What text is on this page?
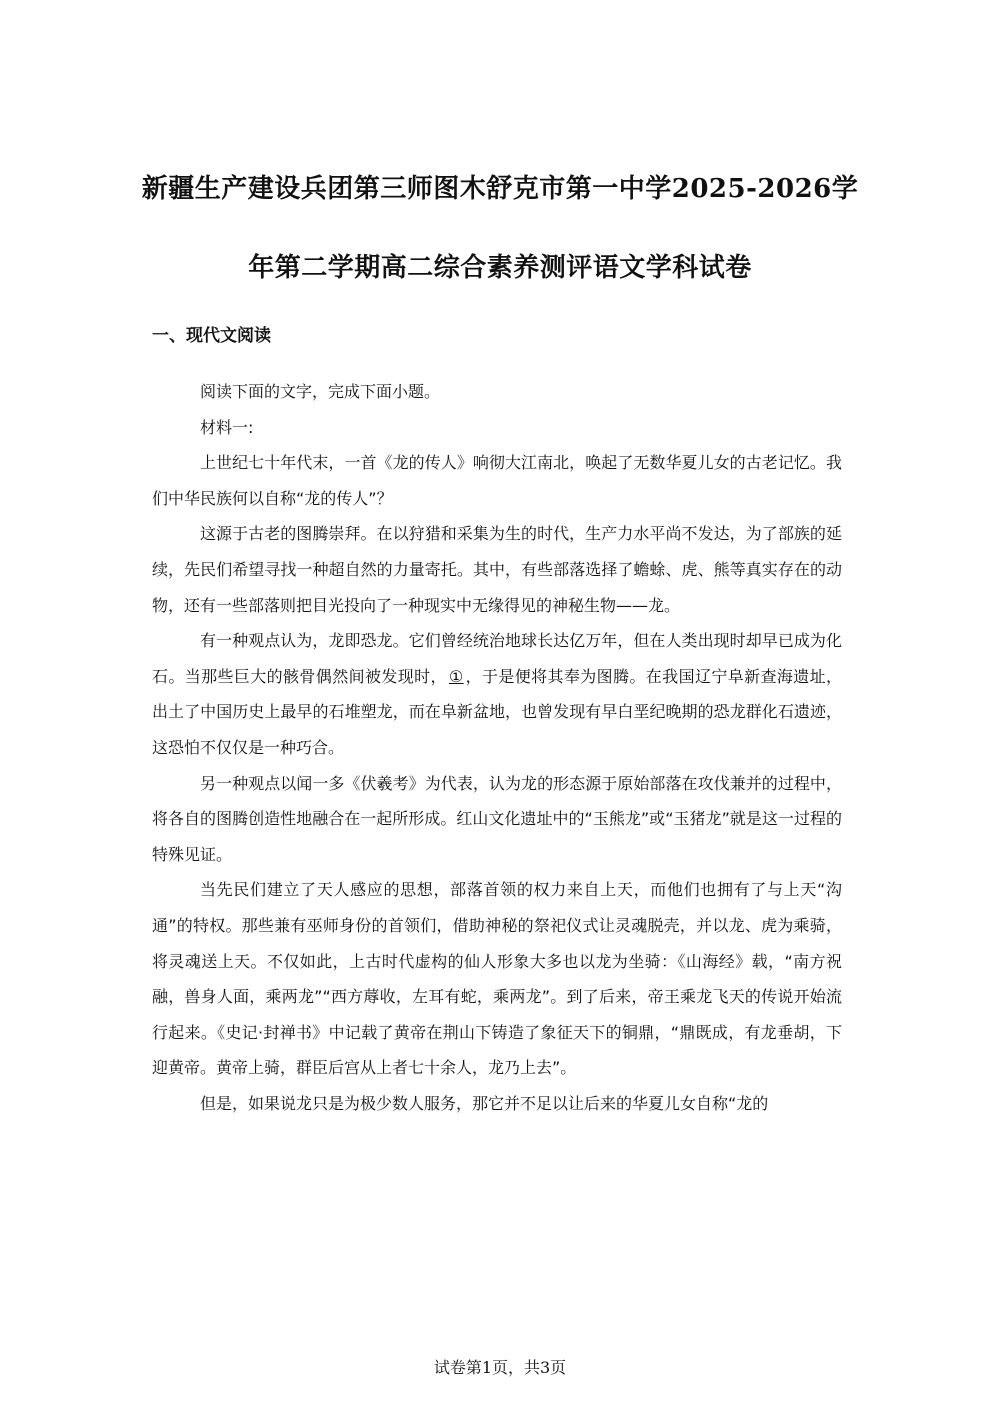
新疆生产建设兵团第三师图木舒克市第一中学2025-2026学
年第二学期高二综合素养测评语文学科试卷
一、现代文阅读

阅读下面的文字，完成下面小题。

材料一:

上世纪七十年代末，一首《龙的传人》响彻大江南北，唤起了无数华夏儿女的古老记忆。我们中华民族何以自称“龙的传人”？

这源于古老的图腾崇拜。在以狩猎和采集为生的时代，生产力水平尚不发达，为了部族的延续，先民们希望寻找一种超自然的力量寄托。其中，有些部落选择了蟾蜍、虎、熊等真实存在的动物，还有一些部落则把目光投向了一种现实中无缘得见的神秘生物——龙。

有一种观点认为，龙即恐龙。它们曾经统治地球长达亿万年，但在人类出现时却早已成为化石。当那些巨大的骸骨偶然间被发现时， ① ，于是便将其奉为图腾。在我国辽宁阜新查海遗址，出土了中国历史上最早的石堆塑龙，而在阜新盆地，也曾发现有早白垩纪晚期的恐龙群化石遗迹，这恐怕不仅仅是一种巧合。

另一种观点以闻一多《伏羲考》为代表，认为龙的形态源于原始部落在攻伐兼并的过程中，将各自的图腾创造性地融合在一起所形成。红山文化遗址中的“玉熊龙”或“玉猪龙”就是这一过程的特殊见证。

当先民们建立了天人感应的思想，部落首领的权力来自上天，而他们也拥有了与上天“沟通”的特权。那些兼有巫师身份的首领们，借助神秘的祭祀仪式让灵魂脱壳，并以龙、虎为乘骑，将灵魂送上天。不仅如此，上古时代虚构的仙人形象大多也以龙为坐骑：《山海经》载，“南方祝融，兽身人面，乘两龙”“西方蓐收，左耳有蛇，乘两龙”。到了后来，帝王乘龙飞天的传说开始流行起来。《史记·封禅书》中记载了黄帝在荆山下铸造了象征天下的铜鼎，“鼎既成，有龙垂胡，下迎黄帝。黄帝上骑，群臣后宫从上者七十余人，龙乃上去”。

但是，如果说龙只是为极少数人服务，那它并不足以让后来的华夏儿女自称“龙的

试卷第1页，共3页
